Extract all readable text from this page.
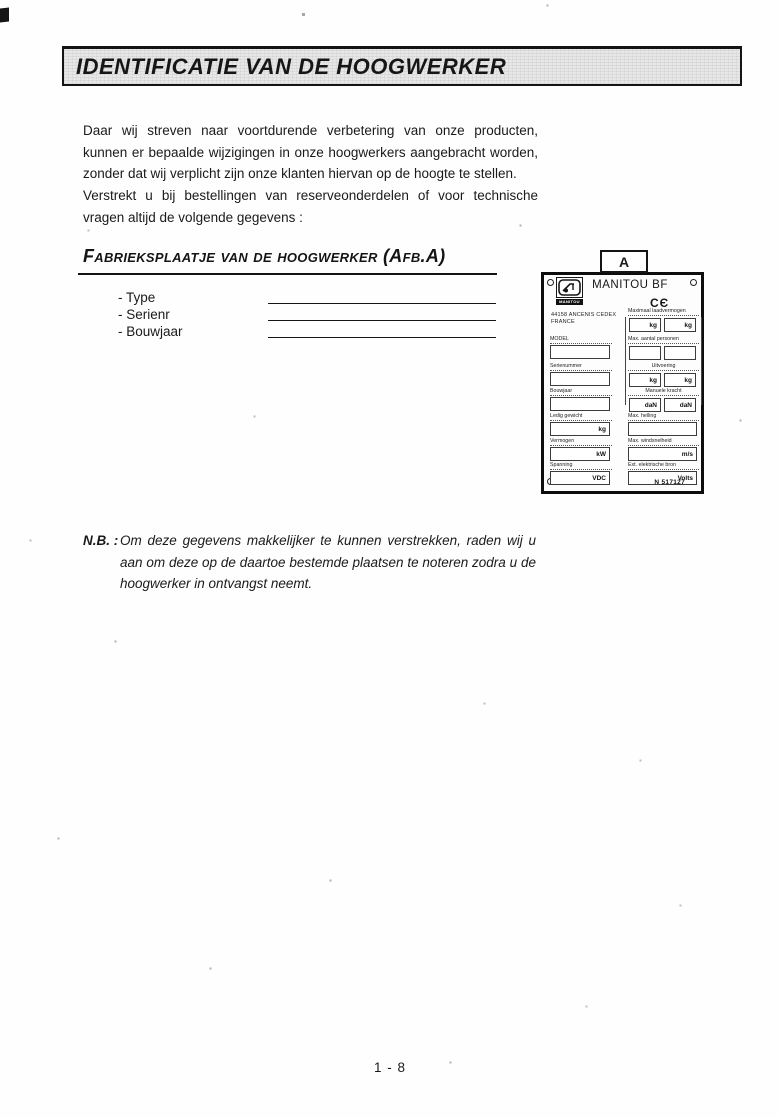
IDENTIFICATIE VAN DE HOOGWERKER

Daar wij streven naar voortdurende verbetering van onze producten, kunnen er bepaalde wijzigingen in onze hoogwerkers aangebracht worden, zonder dat wij verplicht zijn onze klanten hiervan op de hoogte te stellen.

Verstrekt u bij bestellingen van reserveonderdelen of voor technische vragen altijd de volgende gegevens :

Fabrieksplaatje van de hoogwerker (Afb.A)
- Type
- Serienr
- Bouwjaar
A
MANITOU
MANITOU BF
CЄ
44158 ANCENIS CEDEX
FRANCE
MODEL
Serienummer
Bouwjaar
Ledig gewicht
kg
Vermogen
kW
Spanning
VDC
Maximaal laadvermogen
kg	kg
Max. aantal personen
Uitvoering
kg	kg
Manuele kracht
daN	daN
Max. helling
Max. windsnelheid
m/s
Ext. elektrische bron
Volts
N 517127
N.B. : Om deze gegevens makkelijker te kunnen verstrekken, raden wij u aan om deze op de daartoe bestemde plaatsen te noteren zodra u de hoogwerker in ontvangst neemt.
1 - 8
